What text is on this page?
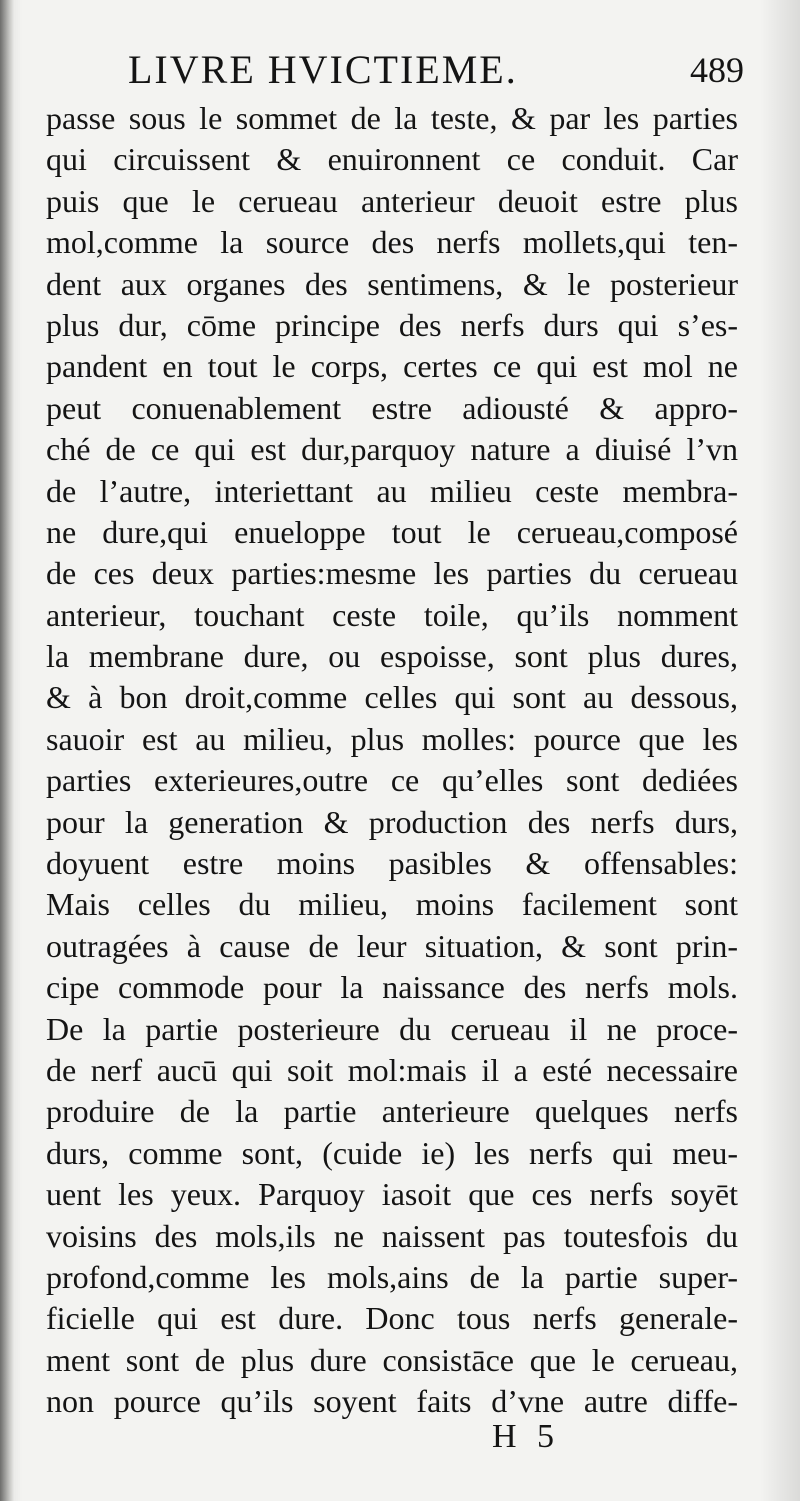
LIVRE HVICTIEME.	489
passe sous le sommet de la teste, & par les parties
qui circuissent & enuironnent ce conduit. Car
puis que le cerueau anterieur deuoit estre plus
mol,comme la source des nerfs mollets,qui ten-
dent aux organes des sentimens, & le posterieur
plus dur, cōme principe des nerfs durs qui s’es-
pandent en tout le corps, certes ce qui est mol ne
peut conuenablement estre adiousté & appro-
ché de ce qui est dur,parquoy nature a diuisé l’vn
de l’autre, interiettant au milieu ceste membra-
ne dure,qui enueloppe tout le cerueau,composé
de ces deux parties:mesme les parties du cerueau
anterieur, touchant ceste toile, qu’ils nomment
la membrane dure, ou espoisse, sont plus dures,
& à bon droit,comme celles qui sont au dessous,
sauoir est au milieu, plus molles: pource que les
parties exterieures,outre ce qu’elles sont dediées
pour la generation & production des nerfs durs,
doyuent estre moins pasibles & offensables:
Mais celles du milieu, moins facilement sont
outragées à cause de leur situation, & sont prin-
cipe commode pour la naissance des nerfs mols.
De la partie posterieure du cerueau il ne proce-
de nerf aucū qui soit mol:mais il a esté necessaire
produire de la partie anterieure quelques nerfs
durs, comme sont, (cuide ie) les nerfs qui meu-
uent les yeux. Parquoy iasoit que ces nerfs soyēt
voisins des mols,ils ne naissent pas toutesfois du
profond,comme les mols,ains de la partie super-
ficielle qui est dure. Donc tous nerfs generale-
ment sont de plus dure consistāce que le cerueau,
non pource qu’ils soyent faits d’vne autre diffe-
H 5
